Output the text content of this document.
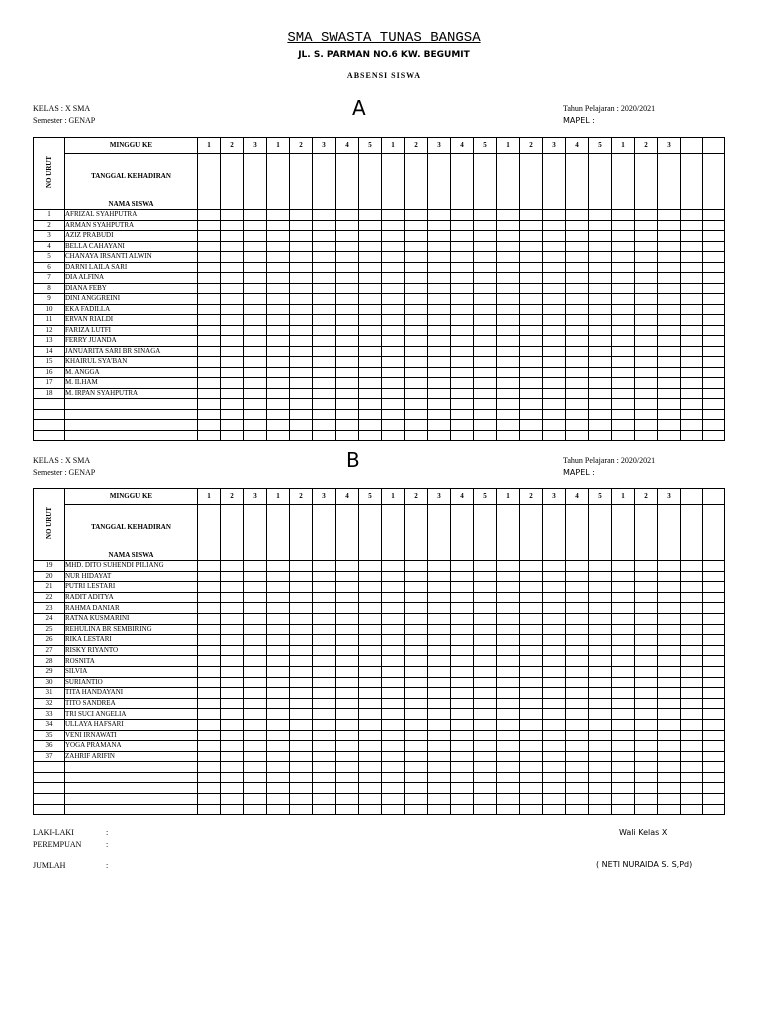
SMA SWASTA TUNAS BANGSA
JL. S. PARMAN NO.6 KW. BEGUMIT
ABSENSI SISWA
KELAS : X SMA
Semester : GENAP
A	Tahun Pelajaran : 2020/2021
MAPEL :
NO URUT	MINGGU KE	1	2	3	1	2	3	4	5	1	2	3	4	5	1	2	3	4	5	1	2	3		
	TANGGAL KEHADIRAN																							
	NAMA SISWA																							
1	AFRIZAL SYAHPUTRA																							
2	ARMAN SYAHPUTRA																							
3	AZIZ PRABUDI																							
4	BELLA CAHAYANI																							
5	CHANAYA IRSANTI ALWIN																							
6	DARNI LAILA SARI																							
7	DIA ALFINA																							
8	DIANA FEBY																							
9	DINI ANGGREINI																							
10	EKA FADILLA																							
11	ERVAN RIALDI																							
12	FARIZA LUTFI																							
13	FERRY JUANDA																							
14	JANUARITA SARI BR SINAGA																							
15	KHAIRUL SYA'BAN																							
16	M. ANGGA																							
17	M. ILHAM																							
18	M. IRPAN SYAHPUTRA																							

KELAS : X SMA
Semester : GENAP
B	Tahun Pelajaran : 2020/2021
MAPEL :
NO URUT	MINGGU KE	1	2	3	1	2	3	4	5	1	2	3	4	5	1	2	3	4	5	1	2	3		
	TANGGAL KEHADIRAN																							
	NAMA SISWA																							
19	MHD. DITO SUHENDI PILIANG																							
20	NUR HIDAYAT																							
21	PUTRI LESTARI																							
22	RADIT ADITYA																							
23	RAHMA DANIAR																							
24	RATNA KUSMARINI																							
25	REHULINA BR SEMBIRING																							
26	RIKA LESTARI																							
27	RISKY RIYANTO																							
28	ROSNITA																							
29	SILVIA																							
30	SURIANTIO																							
31	TITA HANDAYANI																							
32	TITO SANDREA																							
33	TRI SUCI ANGELIA																							
34	ULLAYA HAFSARI																							
35	VENI IRNAWATI																							
36	YOGA PRAMANA																							
37	ZAHRIF ARIFIN																							

LAKI-LAKI	:
PEREMPUAN	:
JUMLAH	:
Wali Kelas X
( NETI NURAIDA S. S,Pd)
